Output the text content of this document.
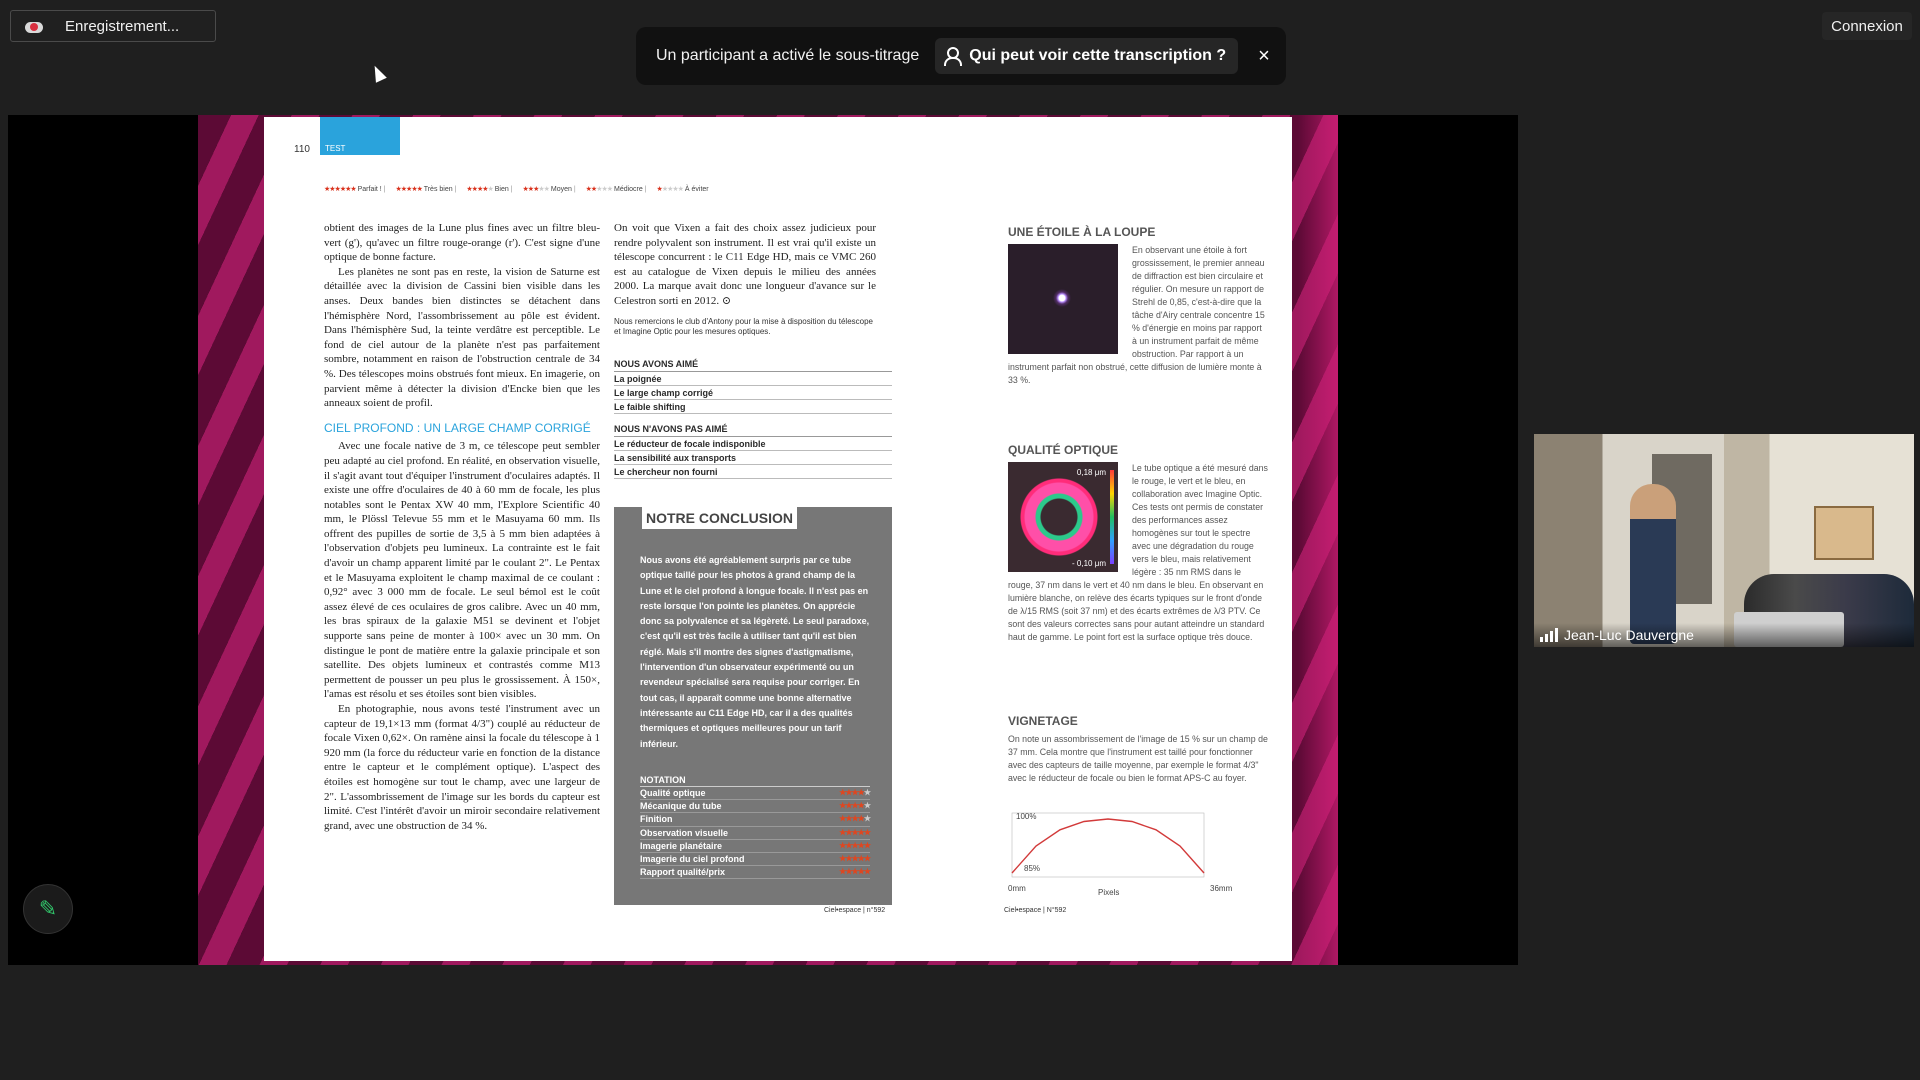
Enregistrement...
Un participant a activé le sous-titrage	Qui peut voir cette transcription ? ×
Connexion
110	TEST
★★★★★★ Parfait ! | ★★★★★ Très bien | ★★★★★ Bien | ★★★★★ Moyen | ★★★★★ Médiocre | ★★★★★ À éviter

obtient des images de la Lune plus fines avec un filtre bleu-vert (g'), qu'avec un filtre rouge-orange (r'). C'est signe d'une optique de bonne facture.

Les planètes ne sont pas en reste, la vision de Saturne est détaillée avec la division de Cassini bien visible dans les anses. Deux bandes bien distinctes se détachent dans l'hémisphère Nord, l'assombrissement au pôle est évident. Dans l'hémisphère Sud, la teinte verdâtre est perceptible. Le fond de ciel autour de la planète n'est pas parfaitement sombre, notamment en raison de l'obstruction centrale de 34 %. Des télescopes moins obstrués font mieux. En imagerie, on parvient même à détecter la division d'Encke bien que les anneaux soient de profil.

CIEL PROFOND : UN LARGE CHAMP CORRIGÉ

Avec une focale native de 3 m, ce télescope peut sembler peu adapté au ciel profond. En réalité, en observation visuelle, il s'agit avant tout d'équiper l'instrument d'oculaires adaptés. Il existe une offre d'oculaires de 40 à 60 mm de focale, les plus notables sont le Pentax XW 40 mm, l'Explore Scientific 40 mm, le Plössl Televue 55 mm et le Masuyama 60 mm. Ils offrent des pupilles de sortie de 3,5 à 5 mm bien adaptées à l'observation d'objets peu lumineux. La contrainte est le fait d'avoir un champ apparent limité par le coulant 2". Le Pentax et le Masuyama exploitent le champ maximal de ce coulant : 0,92° avec 3 000 mm de focale. Le seul bémol est le coût assez élevé de ces oculaires de gros calibre. Avec un 40 mm, les bras spiraux de la galaxie M51 se devinent et l'objet supporte sans peine de monter à 100× avec un 30 mm. On distingue le pont de matière entre la galaxie principale et son satellite. Des objets lumineux et contrastés comme M13 permettent de pousser un peu plus le grossissement. À 150×, l'amas est résolu et ses étoiles sont bien visibles.

En photographie, nous avons testé l'instrument avec un capteur de 19,1×13 mm (format 4/3") couplé au réducteur de focale Vixen 0,62×. On ramène ainsi la focale du télescope à 1 920 mm (la force du réducteur varie en fonction de la distance entre le capteur et le complément optique). L'aspect des étoiles est homogène sur tout le champ, avec une largeur de 2". L'assombrissement de l'image sur les bords du capteur est limité. C'est l'intérêt d'avoir un miroir secondaire relativement grand, avec une obstruction de 34 %.

On voit que Vixen a fait des choix assez judicieux pour rendre polyvalent son instrument. Il est vrai qu'il existe un télescope concurrent : le C11 Edge HD, mais ce VMC 260 est au catalogue de Vixen depuis le milieu des années 2000. La marque avait donc une longueur d'avance sur le Celestron sorti en 2012. ⊙

Nous remercions le club d'Antony pour la mise à disposition du télescope et Imagine Optic pour les mesures optiques.
NOUS AVONS AIMÉ
La poignée
Le large champ corrigé
Le faible shifting
NOUS N'AVONS PAS AIMÉ
Le réducteur de focale indisponible
La sensibilité aux transports
Le chercheur non fourni
NOTRE CONCLUSION
Nous avons été agréablement surpris par ce tube optique taillé pour les photos à grand champ de la Lune et le ciel profond à longue focale. Il n'est pas en reste lorsque l'on pointe les planètes. On apprécie donc sa polyvalence et sa légèreté. Le seul paradoxe, c'est qu'il est très facile à utiliser tant qu'il est bien réglé. Mais s'il montre des signes d'astigmatisme, l'intervention d'un observateur expérimenté ou un revendeur spécialisé sera requise pour corriger. En tout cas, il apparaît comme une bonne alternative intéressante au C11 Edge HD, car il a des qualités thermiques et optiques meilleures pour un tarif inférieur.
NOTATION
Qualité optique	★★★★★
Mécanique du tube	★★★★★
Finition	★★★★★
Observation visuelle	★★★★★
Imagerie planétaire	★★★★★
Imagerie du ciel profond	★★★★★
Rapport qualité/prix	★★★★★
UNE ÉTOILE À LA LOUPE
En observant une étoile à fort grossissement, le premier anneau de diffraction est bien circulaire et régulier. On mesure un rapport de Strehl de 0,85, c'est-à-dire que la tâche d'Airy centrale concentre 15 % d'énergie en moins par rapport à un instrument parfait de même obstruction. Par rapport à un instrument parfait non obstrué, cette diffusion de lumière monte à 33 %.
QUALITÉ OPTIQUE
0,18 μm
- 0,10 μm
Le tube optique a été mesuré dans le rouge, le vert et le bleu, en collaboration avec Imagine Optic. Ces tests ont permis de constater des performances assez homogènes sur tout le spectre avec une dégradation du rouge vers le bleu, mais relativement légère : 35 nm RMS dans le rouge, 37 nm dans le vert et 40 nm dans le bleu. En observant en lumière blanche, on relève des écarts typiques sur le front d'onde de λ/15 RMS (soit 37 nm) et des écarts extrêmes de λ/3 PTV. Ce sont des valeurs correctes sans pour autant atteindre un standard haut de gamme. Le point fort est la surface optique très douce.
VIGNETAGE
On note un assombrissement de l'image de 15 % sur un champ de 37 mm. Cela montre que l'instrument est taillé pour fonctionner avec des capteurs de taille moyenne, par exemple le format 4/3" avec le réducteur de focale ou bien le format APS-C au foyer.
100%
85%
0mm	36mm
Pixels
Ciel•espace | n°592	Ciel•espace | N°592
Jean-Luc Dauvergne
✎
